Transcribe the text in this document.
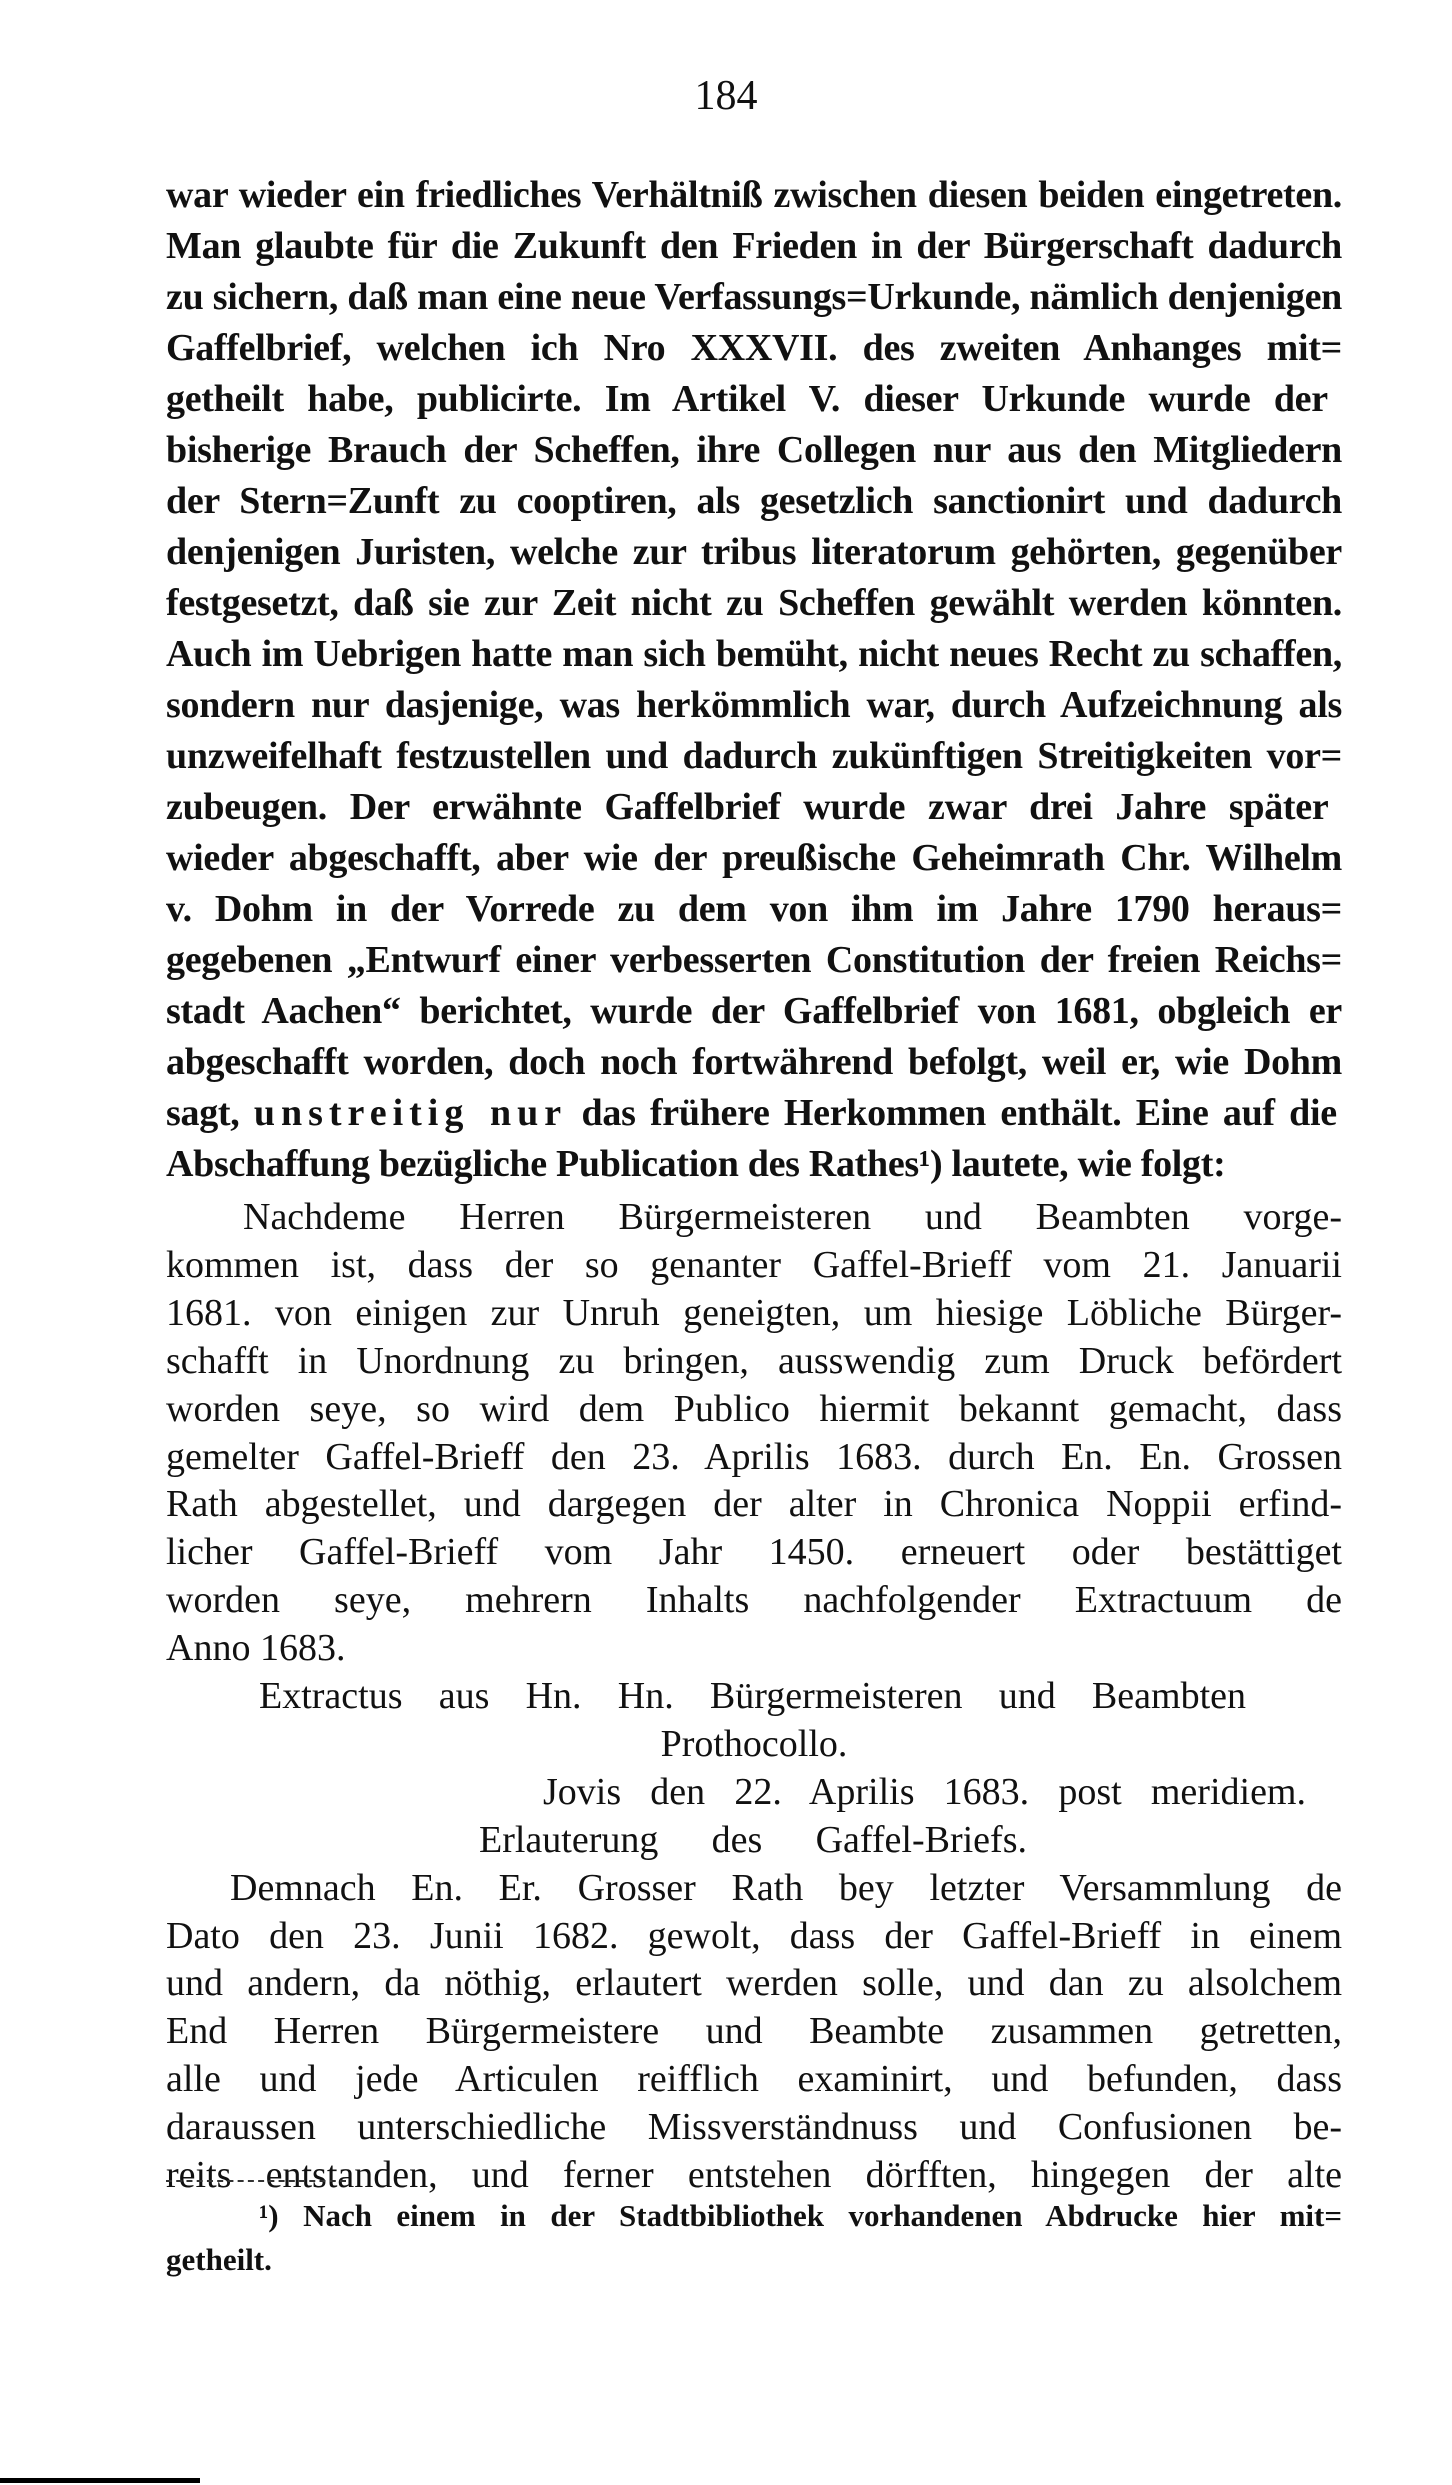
184
war wieder ein friedliches Verhältniß zwischen diesen beiden eingetreten.
Man glaubte für die Zukunft den Frieden in der Bürgerschaft dadurch
zu sichern, daß man eine neue Verfassungs=Urkunde, nämlich denjenigen
Gaffelbrief, welchen ich Nro XXXVII. des zweiten Anhanges mit=
getheilt habe, publicirte. Im Artikel V. dieser Urkunde wurde der
bisherige Brauch der Scheffen, ihre Collegen nur aus den Mitgliedern
der Stern=Zunft zu cooptiren, als gesetzlich sanctionirt und dadurch
denjenigen Juristen, welche zur tribus literatorum gehörten, gegenüber
festgesetzt, daß sie zur Zeit nicht zu Scheffen gewählt werden könnten.
Auch im Uebrigen hatte man sich bemüht, nicht neues Recht zu schaffen,
sondern nur dasjenige, was herkömmlich war, durch Aufzeichnung als
unzweifelhaft festzustellen und dadurch zukünftigen Streitigkeiten vor=
zubeugen. Der erwähnte Gaffelbrief wurde zwar drei Jahre später
wieder abgeschafft, aber wie der preußische Geheimrath Chr. Wilhelm
v. Dohm in der Vorrede zu dem von ihm im Jahre 1790 heraus=
gegebenen „Entwurf einer verbesserten Constitution der freien Reichs=
stadt Aachen“ berichtet, wurde der Gaffelbrief von 1681, obgleich er
abgeschafft worden, doch noch fortwährend befolgt, weil er, wie Dohm
sagt, unstreitig nur das frühere Herkommen enthält. Eine auf die
Abschaffung bezügliche Publication des Rathes¹) lautete, wie folgt:
Nachdeme Herren Bürgermeisteren und Beambten vorge-
kommen ist, dass der so genanter Gaffel-Brieff vom 21. Januarii
1681. von einigen zur Unruh geneigten, um hiesige Löbliche Bürger-
schafft in Unordnung zu bringen, ausswendig zum Druck befördert
worden seye, so wird dem Publico hiermit bekannt gemacht, dass
gemelter Gaffel-Brieff den 23. Aprilis 1683. durch En. En. Grossen
Rath abgestellet, und dargegen der alter in Chronica Noppii erfind-
licher Gaffel-Brieff vom Jahr 1450. erneuert oder bestättiget
worden seye, mehrern Inhalts nachfolgender Extractuum de
Anno 1683.
Extractus aus Hn. Hn. Bürgermeisteren und Beambten
Prothocollo.
Jovis den 22. Aprilis 1683. post meridiem.
Erlauterung des Gaffel-Briefs.
Demnach En. Er. Grosser Rath bey letzter Versammlung de
Dato den 23. Junii 1682. gewolt, dass der Gaffel-Brieff in einem
und andern, da nöthig, erlautert werden solle, und dan zu alsolchem
End Herren Bürgermeistere und Beambte zusammen getretten,
alle und jede Articulen reifflich examinirt, und befunden, dass
daraussen unterschiedliche Missverständnuss und Confusionen be-
reits entstanden, und ferner entstehen dörfften, hingegen der alte
¹) Nach einem in der Stadtbibliothek vorhandenen Abdrucke hier mit=
getheilt.
